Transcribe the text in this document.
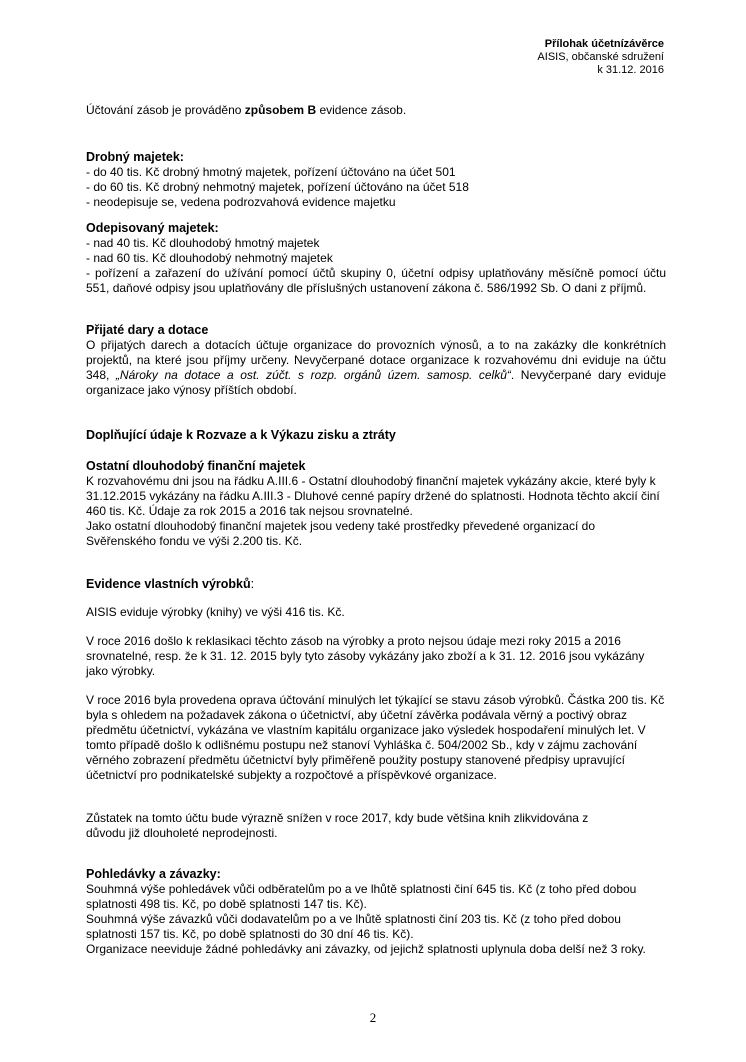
Přílohak účetnízávěrce
AISIS, občanské sdružení
k 31.12. 2016
Účtování zásob je prováděno způsobem B evidence zásob.
Drobný majetek:
- do 40 tis. Kč drobný hmotný majetek, pořízení účtováno na účet 501
- do 60 tis. Kč drobný nehmotný majetek, pořízení účtováno na účet 518
- neodepisuje se, vedena podrozvahová evidence majetku
Odepisovaný majetek:
- nad 40 tis. Kč dlouhodobý hmotný majetek
- nad 60 tis. Kč dlouhodobý nehmotný majetek
- pořízení a zařazení do užívání pomocí účtů skupiny 0, účetní odpisy uplatňovány měsíčně pomocí účtu 551, daňové odpisy jsou uplatňovány dle příslušných ustanovení zákona č. 586/1992 Sb. O dani z příjmů.
Přijaté dary a dotace
O přijatých darech a dotacích účtuje organizace do provozních výnosů, a to na zakázky dle konkrétních projektů, na které jsou příjmy určeny. Nevyčerpané dotace organizace k rozvahovému dni eviduje na účtu 348, „Nároky na dotace a ost. zúčt. s rozp. orgánů územ. samosp. celků“. Nevyčerpané dary eviduje organizace jako výnosy příštích období.
Doplňující údaje k Rozvaze a k Výkazu zisku a ztráty
Ostatní dlouhodobý finanční majetek
K rozvahovému dni jsou na řádku A.III.6 - Ostatní dlouhodobý finanční majetek vykázány akcie, které byly k 31.12.2015 vykázány na řádku A.III.3 - Dluhové cenné papíry držené do splatnosti. Hodnota těchto akcií činí 460 tis. Kč. Údaje za rok 2015 a 2016 tak nejsou srovnatelné.
Jako ostatní dlouhodobý finanční majetek jsou vedeny také prostředky převedené organizací do Svěřenského fondu ve výši 2.200 tis. Kč.
Evidence vlastních výrobků:
AISIS eviduje výrobky (knihy) ve výši 416 tis. Kč.
V roce 2016 došlo k reklasikaci těchto zásob na výrobky a proto nejsou údaje mezi roky 2015 a 2016 srovnatelné, resp. že k 31. 12. 2015 byly tyto zásoby vykázány jako zboží a k 31. 12. 2016 jsou vykázány jako výrobky.
V roce 2016 byla provedena oprava účtování minulých let týkající se stavu zásob výrobků. Částka 200 tis. Kč byla s ohledem na požadavek zákona o účetnictví, aby účetní závěrka podávala věrný a poctivý obraz předmětu účetnictví, vykázána ve vlastním kapitálu organizace jako výsledek hospodaření minulých let. V tomto případě došlo k odlišnému postupu než stanoví Vyhláška č. 504/2002 Sb., kdy v zájmu zachování věrného zobrazení předmětu účetnictví byly přiměřeně použity postupy stanovené předpisy upravující účetnictví pro podnikatelské subjekty a rozpočtové a příspěvkové organizace.
Zůstatek na tomto účtu bude výrazně snížen v roce 2017, kdy bude většina knih zlikvidována z důvodu již dlouholeté neprodejnosti.
Pohledávky a závazky:
Souhmná výše pohledávek vůči odběratelům po a ve lhůtě splatnosti činí 645 tis. Kč (z toho před dobou splatnosti 498 tis. Kč, po době splatnosti 147 tis. Kč).
Souhmná výše závazků vůči dodavatelům po a ve lhůtě splatnosti činí 203 tis. Kč (z toho před dobou splatnosti 157 tis. Kč, po době splatnosti do 30 dní 46 tis. Kč).
Organizace neeviduje žádné pohledávky ani závazky, od jejichž splatnosti uplynula doba delší než 3 roky.
2
